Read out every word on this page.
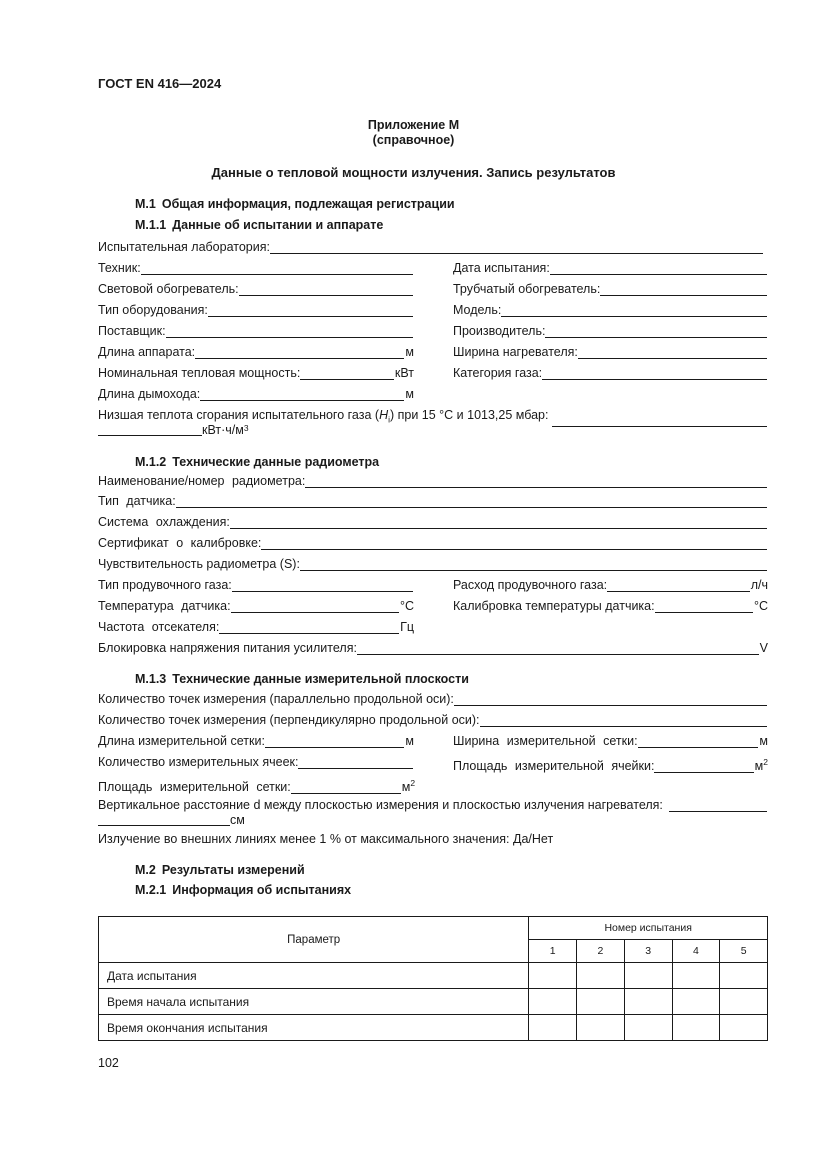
ГОСТ EN 416—2024
Приложение М
(справочное)
Данные о тепловой мощности излучения. Запись результатов
М.1 Общая информация, подлежащая регистрации
М.1.1 Данные об испытании и аппарате
Испытательная лаборатория:
Техник:	Дата испытания:
Световой обогреватель:	Трубчатый обогреватель:
Тип оборудования:	Модель:
Поставщик:	Производитель:
Длина аппарата:	м	Ширина нагревателя:
Номинальная тепловая мощность:	кВт	Категория газа:
Длина дымохода:	м
Низшая теплота сгорания испытательного газа $(H_i)$ при 15 °C и 1013,25 мбар:
кВт·ч/м 3
М.1.2 Технические данные радиометра
Наименование/номер радиометра:
Тип датчика:
Система охлаждения:
Сертификат о калибровке:
Чувствительность радиометра (S):
Тип продувочного газа:	Расход продувочного газа:	л/ч
Температура датчика:	°C	Калибровка температуры датчика:	°C
Частота отсекателя:	Гц
Блокировка напряжения питания усилителя:	V
М.1.3 Технические данные измерительной плоскости
Количество точек измерения (параллельно продольной оси):
Количество точек измерения (перпендикулярно продольной оси):
Длина измерительной сетки:	м	Ширина измерительной сетки:	м
Количество измерительных ячеек:	Площадь измерительной ячейки:	$м^2$
Площадь измерительной сетки:	$м^2$
Вертикальное расстояние d между плоскостью измерения и плоскостью излучения нагревателя:
см
Излучение во внешних линиях менее 1 % от максимального значения: Да/Нет
М.2 Результаты измерений
М.2.1 Информация об испытаниях
Параметр	Номер испытания				
	1	2	3	4	5
Дата испытания					
Время начала испытания					
Время окончания испытания					
102
